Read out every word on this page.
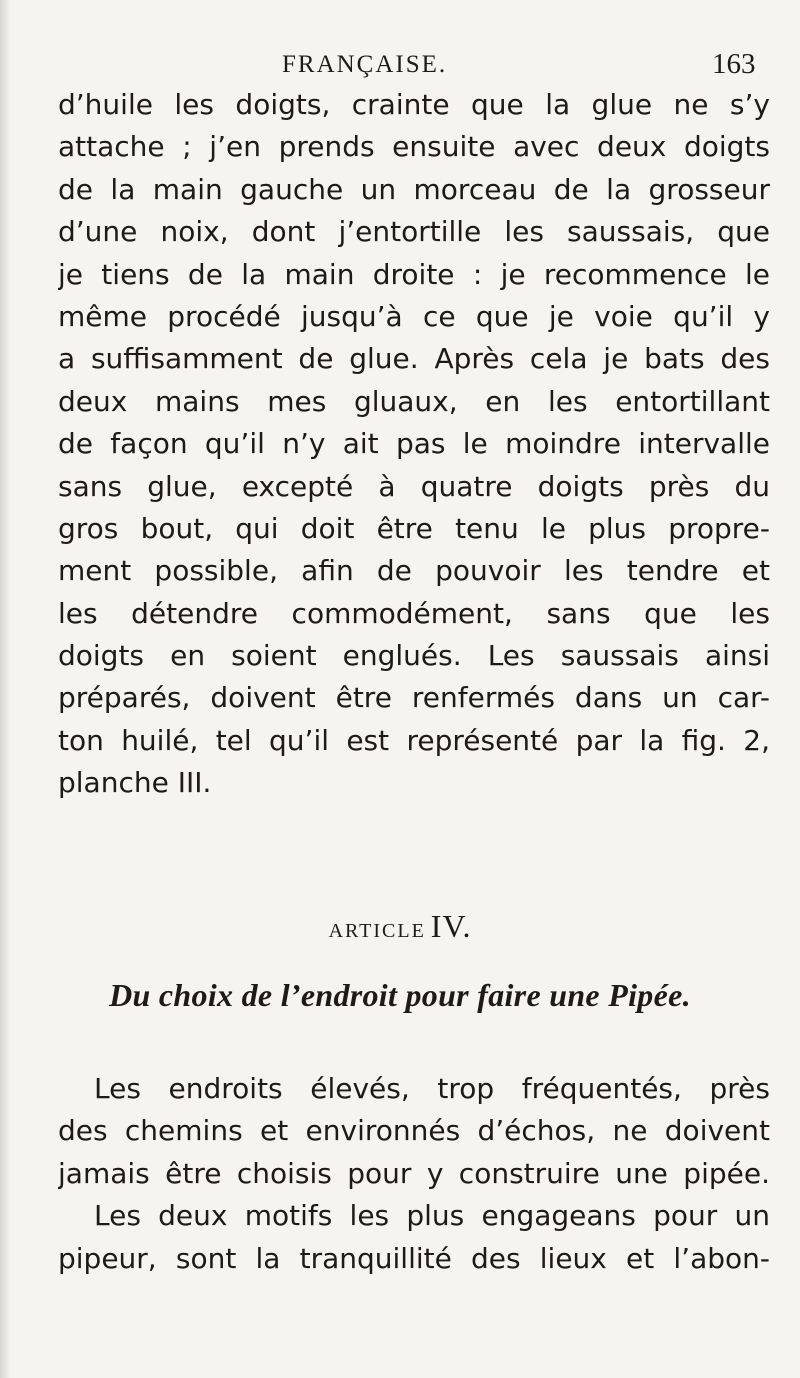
FRANÇAISE.	163
d’huile les doigts, crainte que la glue ne s’y
attache ; j’en prends ensuite avec deux doigts
de la main gauche un morceau de la grosseur
d’une noix, dont j’entortille les saussais, que
je tiens de la main droite : je recommence le
même procédé jusqu’à ce que je voie qu’il y
a suffisamment de glue. Après cela je bats des
deux mains mes gluaux, en les entortillant
de façon qu’il n’y ait pas le moindre intervalle
sans glue, excepté à quatre doigts près du
gros bout, qui doit être tenu le plus propre-
ment possible, afin de pouvoir les tendre et
les détendre commodément, sans que les
doigts en soient englués. Les saussais ainsi
préparés, doivent être renfermés dans un car-
ton huilé, tel qu’il est représenté par la fig. 2,
planche III.
ARTICLE IV.
Du choix de l’endroit pour faire une Pipée.
Les endroits élevés, trop fréquentés, près
des chemins et environnés d’échos, ne doivent
jamais être choisis pour y construire une pipée.
Les deux motifs les plus engageans pour un
pipeur, sont la tranquillité des lieux et l’abon-
